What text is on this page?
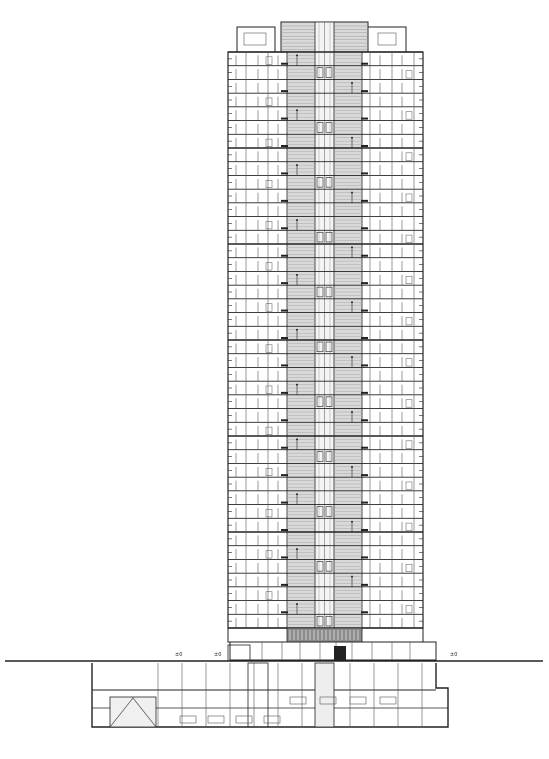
±0	±0	±0
